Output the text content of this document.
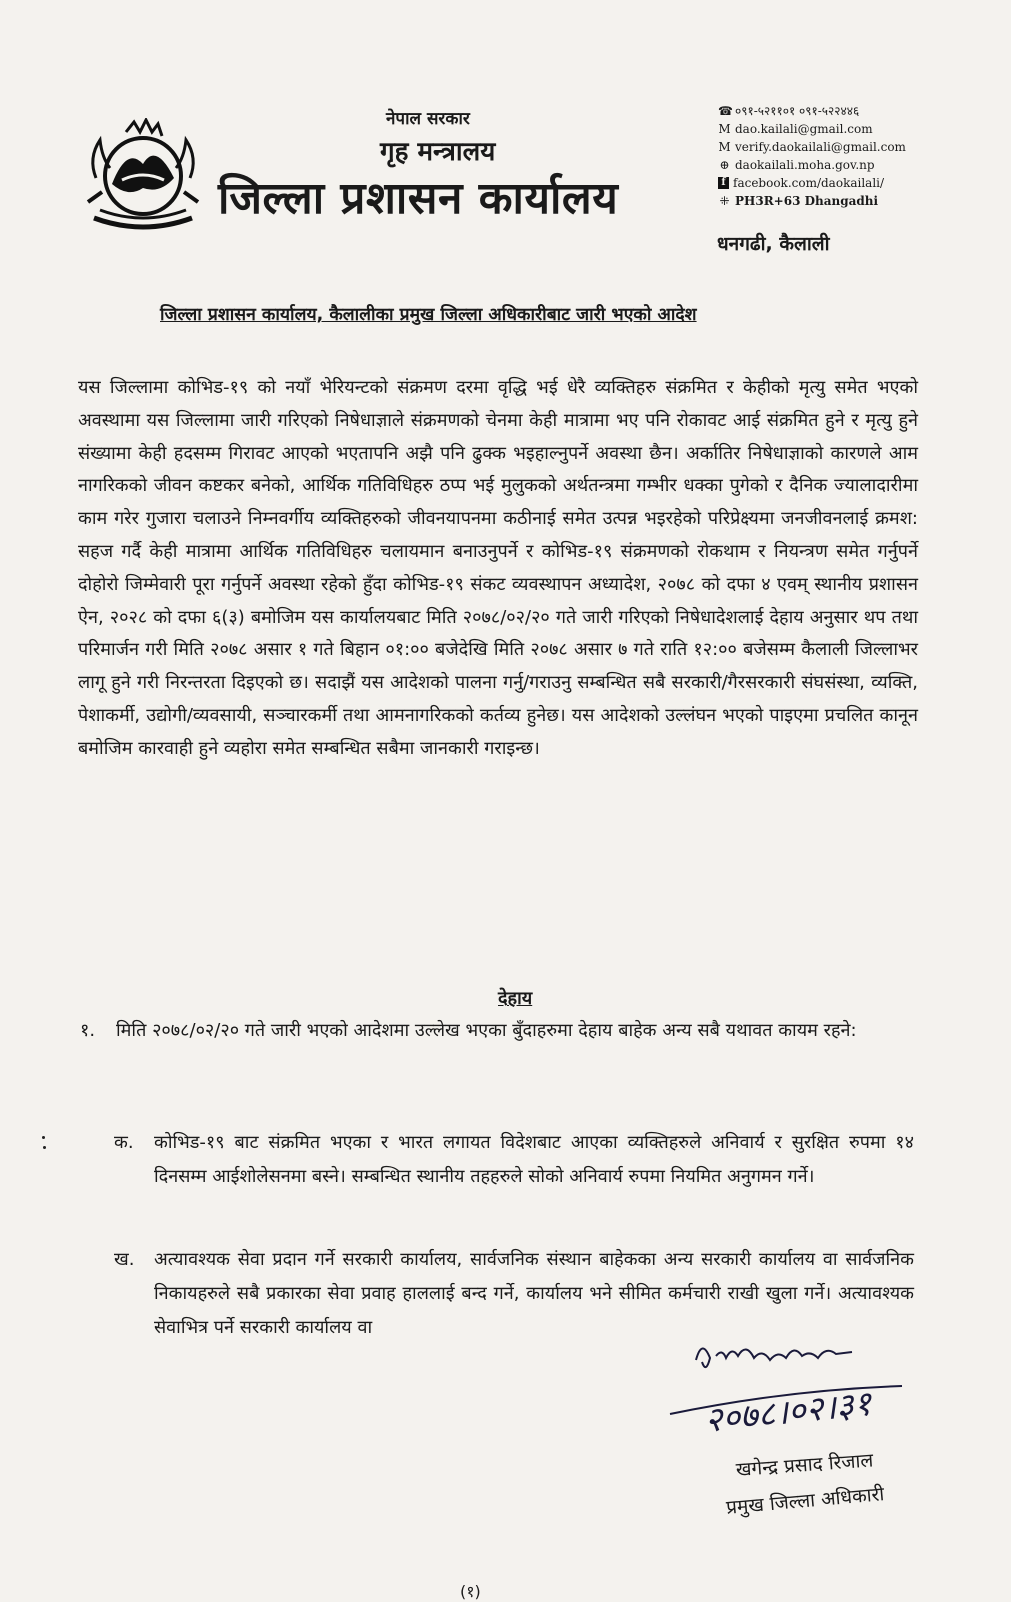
नेपाल सरकार
गृह मन्त्रालय
जिल्ला प्रशासन कार्यालय
☎ ०९१-५२११०१ ०९१-५२२४४६
M dao.kailali@gmail.com
M verify.daokailali@gmail.com
⊕ daokailali.moha.gov.np
f facebook.com/daokailali/
⁜ PH3R+63 Dhangadhi
धनगढी, कैलाली
जिल्ला प्रशासन कार्यालय, कैलालीका प्रमुख जिल्ला अधिकारीबाट जारी भएको आदेश

यस जिल्लामा कोभिड-१९ को नयाँ भेरियन्टको संक्रमण दरमा वृद्धि भई धेरै व्यक्तिहरु संक्रमित र केहीको मृत्यु समेत भएको अवस्थामा यस जिल्लामा जारी गरिएको निषेधाज्ञाले संक्रमणको चेनमा केही मात्रामा भए पनि रोकावट आई संक्रमित हुने र मृत्यु हुने संख्यामा केही हदसम्म गिरावट आएको भएतापनि अझै पनि ढुक्क भइहाल्नुपर्ने अवस्था छैन। अर्कातिर निषेधाज्ञाको कारणले आम नागरिकको जीवन कष्टकर बनेको, आर्थिक गतिविधिहरु ठप्प भई मुलुकको अर्थतन्त्रमा गम्भीर धक्का पुगेको र दैनिक ज्यालादारीमा काम गरेर गुजारा चलाउने निम्नवर्गीय व्यक्तिहरुको जीवनयापनमा कठीनाई समेत उत्पन्न भइरहेको परिप्रेक्ष्यमा जनजीवनलाई क्रमश: सहज गर्दै केही मात्रामा आर्थिक गतिविधिहरु चलायमान बनाउनुपर्ने र कोभिड-१९ संक्रमणको रोकथाम र नियन्त्रण समेत गर्नुपर्ने दोहोरो जिम्मेवारी पूरा गर्नुपर्ने अवस्था रहेको हुँदा कोभिड-१९ संकट व्यवस्थापन अध्यादेश, २०७८ को दफा ४ एवम् स्थानीय प्रशासन ऐन, २०२८ को दफा ६(३) बमोजिम यस कार्यालयबाट मिति २०७८/०२/२० गते जारी गरिएको निषेधादेशलाई देहाय अनुसार थप तथा परिमार्जन गरी मिति २०७८ असार १ गते बिहान ०१:०० बजेदेखि मिति २०७८ असार ७ गते राति १२:०० बजेसम्म कैलाली जिल्लाभर लागू हुने गरी निरन्तरता दिइएको छ। सदाझैं यस आदेशको पालना गर्नु/गराउनु सम्बन्धित सबै सरकारी/गैरसरकारी संघसंस्था, व्यक्ति, पेशाकर्मी, उद्योगी/व्यवसायी, सञ्चारकर्मी तथा आमनागरिकको कर्तव्य हुनेछ। यस आदेशको उल्लंघन भएको पाइएमा प्रचलित कानून बमोजिम कारवाही हुने व्यहोरा समेत सम्बन्धित सबैमा जानकारी गराइन्छ।

देहाय
१. मिति २०७८/०२/२० गते जारी भएको आदेशमा उल्लेख भएका बुँदाहरुमा देहाय बाहेक अन्य सबै यथावत कायम रहने:
क. कोभिड-१९ बाट संक्रमित भएका र भारत लगायत विदेशबाट आएका व्यक्तिहरुले अनिवार्य र सुरक्षित रुपमा १४ दिनसम्म आईशोलेसनमा बस्ने। सम्बन्धित स्थानीय तहहरुले सोको अनिवार्य रुपमा नियमित अनुगमन गर्ने।
ख. अत्यावश्यक सेवा प्रदान गर्ने सरकारी कार्यालय, सार्वजनिक संस्थान बाहेकका अन्य सरकारी कार्यालय वा सार्वजनिक निकायहरुले सबै प्रकारका सेवा प्रवाह हाललाई बन्द गर्ने, कार्यालय भने सीमित कर्मचारी राखी खुला गर्ने। अत्यावश्यक सेवाभित्र पर्ने सरकारी कार्यालय वा
२०७८।०२।३१
खगेन्द्र प्रसाद रिजाल
प्रमुख जिल्ला अधिकारी
(१)
